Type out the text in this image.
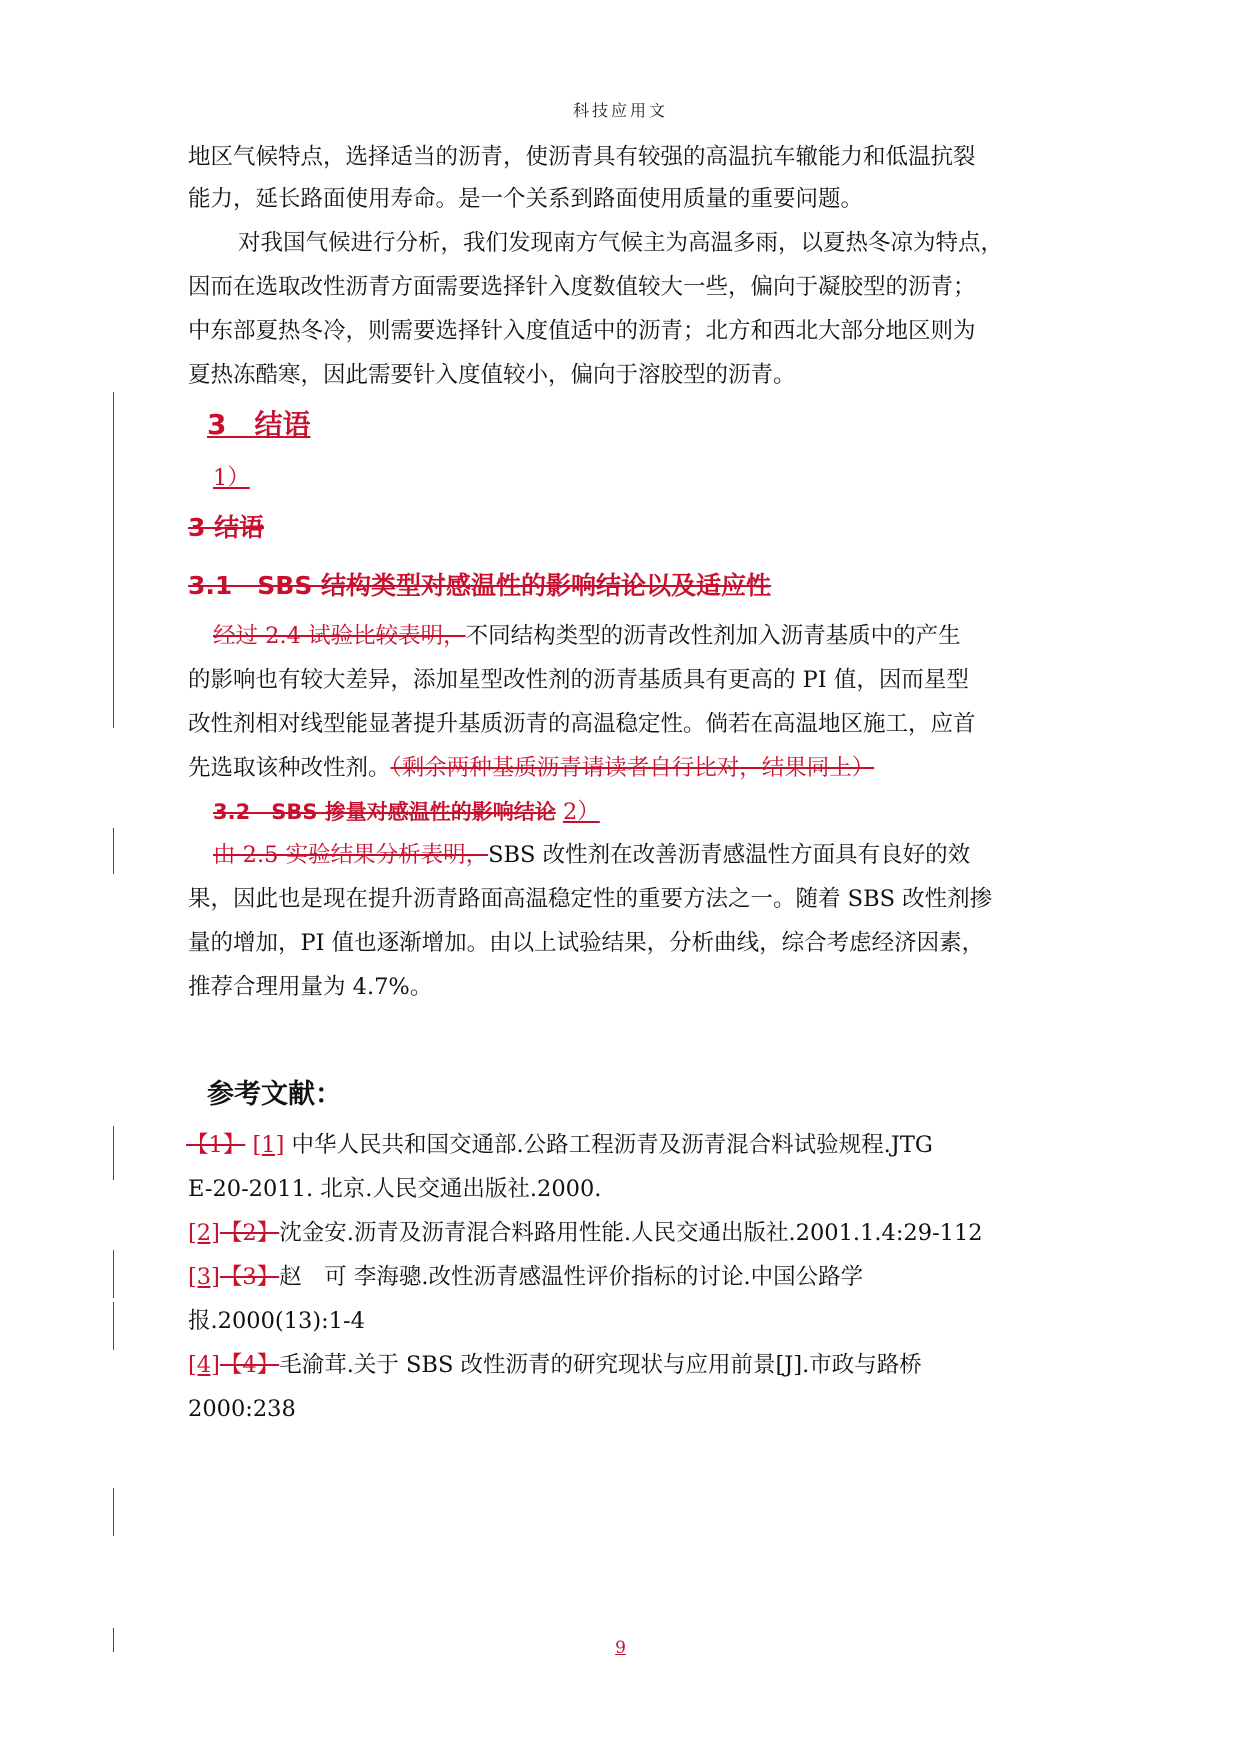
科技应用文
地区气候特点，选择适当的沥青，使沥青具有较强的高温抗车辙能力和低温抗裂
能力，延长路面使用寿命。是一个关系到路面使用质量的重要问题。
对我国气候进行分析，我们发现南方气候主为高温多雨，以夏热冬凉为特点，
因而在选取改性沥青方面需要选择针入度数值较大一些，偏向于凝胶型的沥青；
中东部夏热冬冷，则需要选择针入度值适中的沥青；北方和西北大部分地区则为
夏热冻酷寒，因此需要针入度值较小，偏向于溶胶型的沥青。
3　结语
1）
3 结语
3.1　SBS 结构类型对感温性的影响结论以及适应性
经过 2.4 试验比较表明，不同结构类型的沥青改性剂加入沥青基质中的产生
的影响也有较大差异，添加星型改性剂的沥青基质具有更高的 PI 值，因而星型
改性剂相对线型能显著提升基质沥青的高温稳定性。倘若在高温地区施工，应首
先选取该种改性剂。（剩余两种基质沥青请读者自行比对，结果同上）
3.2　SBS 掺量对感温性的影响结论 2）
由 2.5 实验结果分析表明，SBS 改性剂在改善沥青感温性方面具有良好的效
果，因此也是现在提升沥青路面高温稳定性的重要方法之一。随着 SBS 改性剂掺
量的增加，PI 值也逐渐增加。由以上试验结果，分析曲线，综合考虑经济因素，
推荐合理用量为 4.7%。
参考文献：
【1】 [1] 中华人民共和国交通部.公路工程沥青及沥青混合料试验规程.JTG
E-20-2011. 北京.人民交通出版社.2000.
[2]【2】沈金安.沥青及沥青混合料路用性能.人民交通出版社.2001.1.4:29-112
[3]【3】赵　可 李海骢.改性沥青感温性评价指标的讨论.中国公路学
报.2000(13):1-4
[4]【4】毛渝茸.关于 SBS 改性沥青的研究现状与应用前景[J].市政与路桥
2000:238
9
